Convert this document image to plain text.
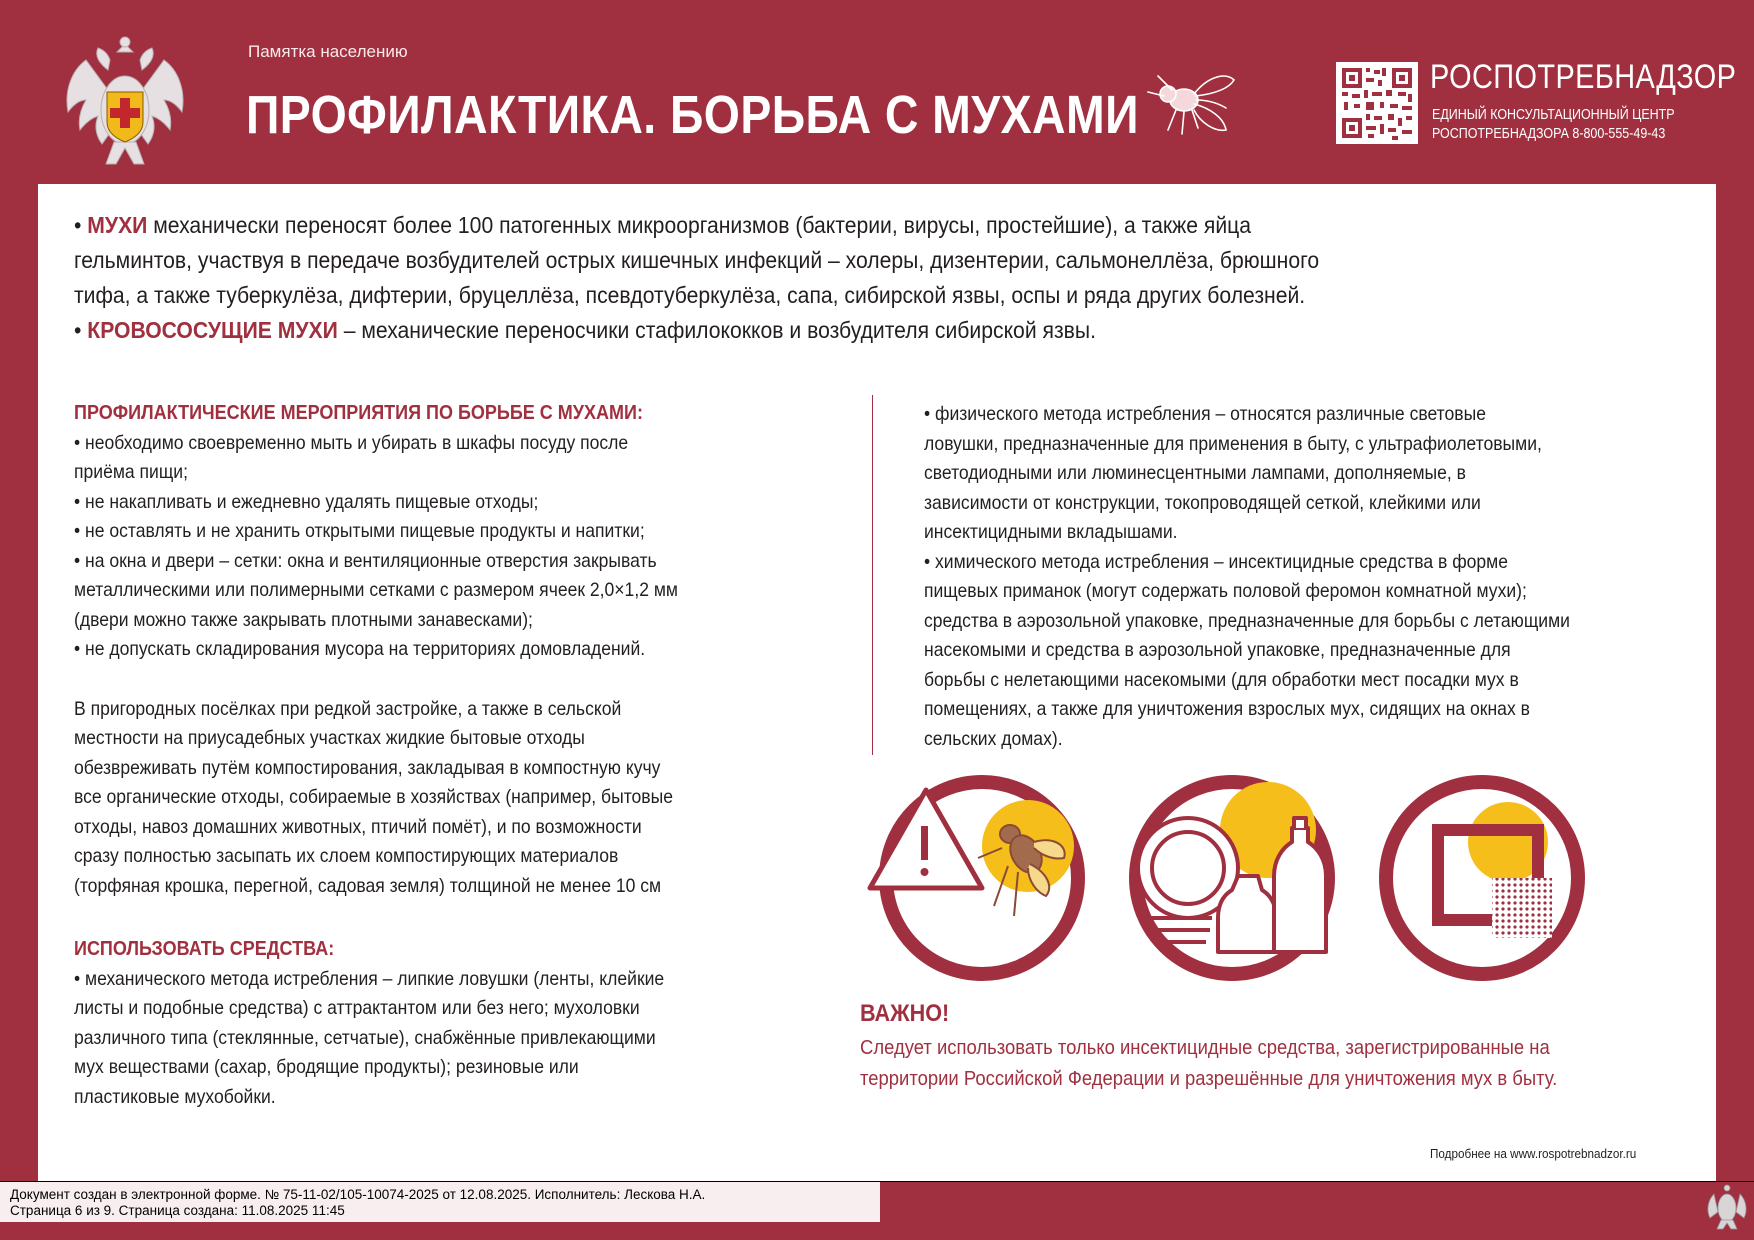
Памятка населению
ПРОФИЛАКТИКА. БОРЬБА С МУХАМИ
РОСПОТРЕБНАДЗОР
ЕДИНЫЙ КОНСУЛЬТАЦИОННЫЙ ЦЕНТР
РОСПОТРЕБНАДЗОРА 8-800-555-49-43

• МУХИ механически переносят более 100 патогенных микроорганизмов (бактерии, вирусы, простейшие), а также яйца

гельминтов, участвуя в передаче возбудителей острых кишечных инфекций – холеры, дизентерии, сальмонеллёза, брюшного

тифа, а также туберкулёза, дифтерии, бруцеллёза, псевдотуберкулёза, сапа, сибирской язвы, оспы и ряда других болезней.

• КРОВОСОСУЩИЕ МУХИ – механические переносчики стафилококков и возбудителя сибирской язвы.

ПРОФИЛАКТИЧЕСКИЕ МЕРОПРИЯТИЯ ПО БОРЬБЕ С МУХАМИ:
• необходимо своевременно мыть и убирать в шкафы посуду после
приёма пищи;
• не накапливать и ежедневно удалять пищевые отходы;
• не оставлять и не хранить открытыми пищевые продукты и напитки;
• на окна и двери – сетки: окна и вентиляционные отверстия закрывать
металлическими или полимерными сетками с размером ячеек 2,0×1,2 мм
(двери можно также закрывать плотными занавесками);
• не допускать складирования мусора на территориях домовладений.
В пригородных посёлках при редкой застройке, а также в сельской
местности на приусадебных участках жидкие бытовые отходы
обезвреживать путём компостирования, закладывая в компостную кучу
все органические отходы, собираемые в хозяйствах (например, бытовые
отходы, навоз домашних животных, птичий помёт), и по возможности
сразу полностью засыпать их слоем компостирующих материалов
(торфяная крошка, перегной, садовая земля) толщиной не менее 10 см
ИСПОЛЬЗОВАТЬ СРЕДСТВА:
• механического метода истребления – липкие ловушки (ленты, клейкие
листы и подобные средства) с аттрактантом или без него; мухоловки
различного типа (стеклянные, сетчатые), снабжённые привлекающими
мух веществами (сахар, бродящие продукты); резиновые или
пластиковые мухобойки.
• физического метода истребления – относятся различные световые
ловушки, предназначенные для применения в быту, с ультрафиолетовыми,
светодиодными или люминесцентными лампами, дополняемые, в
зависимости от конструкции, токопроводящей сеткой, клейкими или
инсектицидными вкладышами.
• химического метода истребления – инсектицидные средства в форме
пищевых приманок (могут содержать половой феромон комнатной мухи);
средства в аэрозольной упаковке, предназначенные для борьбы с летающими
насекомыми и средства в аэрозольной упаковке, предназначенные для
борьбы с нелетающими насекомыми (для обработки мест посадки мух в
помещениях, а также для уничтожения взрослых мух, сидящих на окнах в
сельских домах).
ВАЖНО!
Следует использовать только инсектицидные средства, зарегистрированные на
территории Российской Федерации и разрешённые для уничтожения мух в быту.
Подробнее на www.rospotrebnadzor.ru
Документ создан в электронной форме. № 75-11-02/105-10074-2025 от 12.08.2025. Исполнитель: Лескова Н.А.
Страница 6 из 9. Страница создана: 11.08.2025 11:45
